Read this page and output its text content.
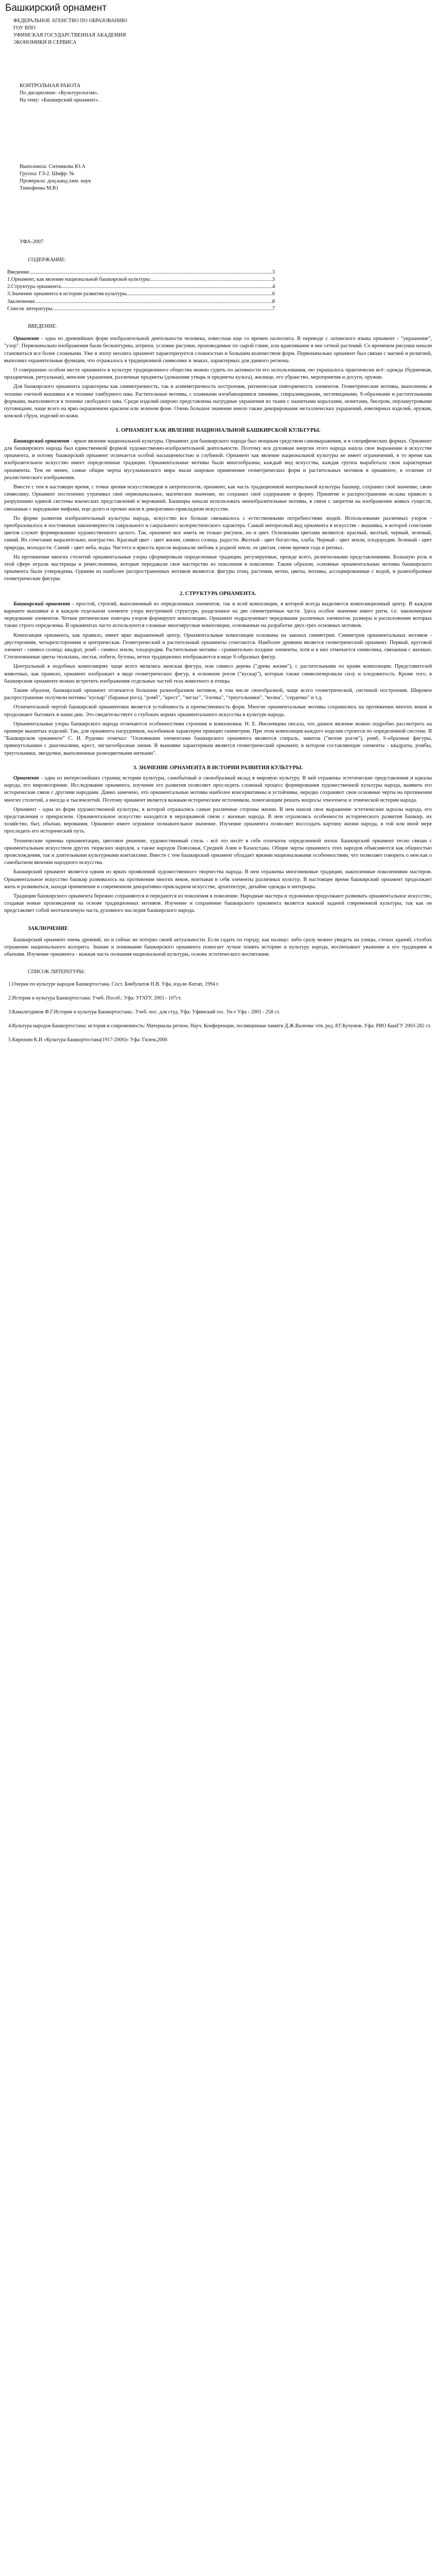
Башкирский орнамент
ФЕДЕРАЛЬНОЕ АГЕНСТВО ПО ОБРАЗОВАНИЮ
ГОУ ВПО
УФИМСКАЯ ГОСУДАРСТВЕННАЯ АКАДЕМИЯ
ЭКОНОМИКИ И СЕРВИСА
КОНТРОЛЬНАЯ РАБОТА
По дисциплине: «Культурология».
На тему: «Башкирский орнамент».
Выполнила: Ситникова Ю.А
Группа: ГЗ-2. Шифр: №
Проверила: доц.канд.хим. наук
Тимофеева М.Ю
УФА-2007
СОДЕРЖАНИЕ:
Введение .....	3
1.Орнамент, как явление национальной башкирской культуры .....	3
2.Структура орнамента .....	4
3.Значение орнамента в истории развития культуры .....	6
Заключение .....	8
Список литературы .....	7
ВВЕДЕНИЕ.

Орнамент - одна из древнейших форм изобразительной деятельности человека, известная еще со времен палеолита. В переводе с латинского языка орнамент - "украшение", "узор". Первоначально изображения были бесконтурны, штрихи, условие рисунки, производимые по сырой глине, или вдавливание в нее сеткой растений. Со временем рисунки начали становиться все более сложными. Уже в эпоху неолита орнамент характеризуется сложностью и большим количеством форм. Первоначально орнамент был связан с магией и религией, выполнял охранительные функции, что отражалось в традиционной символике и знаках, характерных для данного региона.

О совершенно особом месте орнамента в культуре традиционного общества можно судить по активности его использования, ею украшалось практически всё: одежда (будничная, праздничная, ритуальная), женские украшения, различные предметы (домашняя утварь и предметы культа), жилище, его убранство, мероприятия и досуги, оружие.

Для башкирского орнамента характерны как симметричность, так и асимметричность построения, ритмическая повторяемость элементов. Геометрические мотивы, выполнены в технике счетной вышивки и в технике тамбурного шва. Растительные мотивы, с плавными изгибающимися линиями, спиралевидными, петлевидными, S-образными и растительными формами, выполняются в технике свободного шва. Среди изделий широко представлены нагрудные украшения из ткани с нашитыми кораллами, монетами, бисером, перламутровыми пуговицами, чаще всего на ярко окрашенном красном или зеленом фоне. Очень большое значение имело также декорирование металлических украшений, ювелирных изделий, оружия, конской сбруи, изделий из кожи.

1. ОРНАМЕНТ КАК ЯВЛЕНИЕ НАЦИОНАЛЬНОЙ БАШКИРСКОЙ КУЛЬТУРЫ.

Башкирский орнамент - яркое явление национальной культуры. Орнамент для башкирского народа был мощным средством самовыражения, и в специфических формах. Орнамент для башкирского народа был единственной формой художественно-изобразительной деятельности. Поэтому вся духовная энергия этого народа нашла свое выражение в искусстве орнамента, и потому башкирский орнамент отличается особой насыщенностью и глубиной. Орнамент как явление национальной культуры не имеет ограничений, в то время как изобразительное искусство имеет определенные традиции. Орнаментальные мотивы были многообразны, каждый вид искусства, каждая группа выработала свои характерные орнаменты. Тем не менее, самые общие черты мусульманского мира знали широкое применение геометрических форм и растительных мотивов в орнаменте, в отличие от реалистического изображения.

Вместе с тем в настоящее время, с точки зрения искусствоведов и антропологов, орнамент, как часть традиционной материальной культуры башкир, сохранил своё значение, свою символику. Орнамент постепенно утрачивал своё первоначальное, магическое значение, но сохранил своё содержание и форму. Принятие и распространение ислама привело к разрушению единой системы языческих представлений и верований. Башкиры начали использовать неизобразительные мотивы, в связи с запретом на изображение живых существ, связанные с народными мифами, еще долго и прочно жили в декоративно-прикладном искусстве.

По форме развития изобразительный культуры народа, искусство все больше связывалось с естественными потребностями людей. Использование различных узоров - преобразовалось в постоянные закономерности сакрального и сакрального колористического характера. Самый интересный вид орнамента в искусстве - вышивка, в которой сочетание цветов служит формированию художественного целого. Так, орнамент мог иметь не только рисунок, но и цвет. Основными цветами являются: красный, желтый, черный, зеленый, синий. Их сочетание выразительно, контрастно. Красный цвет - цвет жизни, символ солнца, радости. Желтый - цвет богатства, хлеба. Черный - цвет земли, плодородия. Зеленый - цвет природы, молодости. Синий - цвет неба, воды. Чистота и яркость красок выражали любовь к родной земле, ее цветам, смене времен года и ритмах.

На протяжении многих столетий орнаментальные узоры сформировали определенные традиции, регулируемые, прежде всего, религиозными представлениями. Большую роль в этой сфере играли мастерицы и ремесленники, которые передавали свое мастерство из поколения в поколение. Таким образом, основные орнаментальные мотивы башкирского орнамента были утверждены. Одними из наиболее распространенных мотивов являются: фигуры птиц, растения, ветки, цветы, мотивы, ассоциированные с водой, и разнообразные геометрические фигуры.

2. СТРУКТУРА ОРНАМЕНТА.

Башкирский орнамент - простой, строгий, выполненный из определенных элементов, так и всей композиции, в которой всегда выделяется композиционный центр. В каждом варианте вышивки и в каждом отдельном элементе узора внутренней структуре, разделенное на две симметричные части. Здесь особое значение имеет ритм, т.е. закономерное чередование элементов. Четкие ритмические повторы узоров формируют композицию. Орнамент подразумевает чередование различных элементов, размеры и расположение которых также строго определены. В орнаментах часто используются сложные многоярусные композиции, основанные на разработке двух-трех основных мотивов.

Композиция орнамента, как правило, имеет ярко выраженный центр. Орнаментальные композиции основаны на законах симметрии. Симметрия орнаментальных мотивов - двусторонняя, четырехсторонняя и центрическая. Геометрический и растительный орнаменты сочетаются. Наиболее древним является геометрический орнамент. Первый, круговой элемент - символ солнца; квадрат, ромб - символ земли, плодородия. Растительные мотивы - сравнительно поздние элементы, хотя и в них отмечается символика, связанная с жизнью. Стилизованные цветы тюльпана, листья, побеги, бутоны, ветки традиционно изображаются в виде S-образных фигур.

Центральный в подобных композициях чаще всего являлись женская фигура, или символ дерева ("древа жизни"), с растительными по краям композиции. Представителей животных, как правило, орнамент изображает в виде геометрических фигур, в основном рогов ("кускар"), которые также символизировали силу и плодовитость. Кроме того, в башкирском орнаменте можно встретить изображения отдельных частей тела животного и птицы.

Таким образом, башкирский орнамент отличается большим разнообразием мотивов, в том числе своеобразной, чаще всего геометрической, системой построения. Широкое распространение получили мотивы "кускар" (бараньи рога), "ромб", "крест", "зигзаг", "ёлочка", "треугольники", "волна", "сердечко" и т.д.

Отличительной чертой башкирской орнаментики является устойчивость и преемственность форм. Многие орнаментальные мотивы сохранились на протяжении многих веков и продолжают бытовать в наши дни. Это свидетельствует о глубоких корнях орнаментального искусства в культуре народа.

Орнаментальные узоры башкирского народа отличаются особенностями строения и компоновки. Н. Е. Иноземцева писала, что данное явление можно подробно рассмотреть на примере вышитых изделий. Так, для орнамента нагрудников, налобников характерен принцип симметрии. При этом композиция каждого изделия строится по определенной системе. В "Башкирском орнаменте" С. И. Руденко отмечал: "Основными элементами башкирского орнамента являются спираль, завиток ("мотив рогов"), ромб, S-образные фигуры, прямоугольники с диагоналями, крест, зигзагообразная линия. В вышивке характерным является геометрический орнамент, в котором составляющие элементы - квадраты, ромбы, треугольники, звездочки, выполненные разноцветными нитками".

3. ЗНАЧЕНИЕ ОРНАМЕНТА В ИСТОРИИ РАЗВИТИЯ КУЛЬТУРЫ.

Орнамент - одна из интереснейших страниц истории культуры, самобытный и своеобразный вклад в мировую культуру. В ней отражены эстетические представления и идеалы народа, его мировоззрение. Исследование орнамента, изучение его развития позволяет проследить сложный процесс формирования художественной культуры народа, выявить его исторические связи с другими народами. Давно замечено, что орнаментальные мотивы наиболее консервативны и устойчивы, нередко сохраняют свои основные черты на протяжении многих столетий, а иногда и тысячелетий. Поэтому орнамент является важным историческим источником, помогающим решать вопросы этногенеза и этнической истории народа.

Орнамент - одна из форм художественной культуры, в которой отражались самые различные стороны жизни. В нем нашли свое выражение эстетические идеалы народа, его представления о прекрасном. Орнаментальное искусство находится в неразрывной связи с жизнью народа. В нем отразились особенности исторического развития башкир, их хозяйство, быт, обычаи, верования. Орнамент имеет огромное познавательное значение. Изучение орнамента позволяет воссоздать картину жизни народа, в той или иной мере проследить его исторический путь.

Технические приемы орнаментации, цветовое решение, художественный стиль - всё это несёт в себе отпечаток определенной эпохи. Башкирский орнамент тесно связан с орнаментальным искусством других тюркских народов, а также народов Поволжья, Средней Азии и Казахстана. Общие черты орнамента этих народов объясняются как общностью происхождения, так и длительными культурными контактами. Вместе с тем башкирский орнамент обладает яркими национальными особенностями, что позволяет говорить о нем как о самобытном явлении народного искусства.

Башкирский орнамент является одним из ярких проявлений художественного творчества народа. В нем отражены многовековые традиции, накопленные поколениями мастеров. Орнаментальное искусство башкир развивалось на протяжении многих веков, впитывая в себя элементы различных культур. В настоящее время башкирский орнамент продолжает жить и развиваться, находя применение в современном декоративно-прикладном искусстве, архитектуре, дизайне одежды и интерьера.

Традиции башкирского орнамента бережно сохраняются и передаются из поколения в поколение. Народные мастера и художники продолжают развивать орнаментальное искусство, создавая новые произведения на основе традиционных мотивов. Изучение и сохранение башкирского орнамента является важной задачей современной культуры, так как он представляет собой неотъемлемую часть духовного наследия башкирского народа.

ЗАКЛЮЧЕНИЕ

Башкирский орнамент очень древний, но и сейчас не потерял своей актуальности. Если гадать по городу, как налицо: либо сразу можно увидеть на улицы, стенах зданий, столбах отражение национального колорита. Знание и понимание башкирского орнамента помогает лучше понять историю и культуру народа, воспитывает уважение к его традициям и обычаям. Изучение орнамента - важная часть познания национальной культуры, основа эстетического воспитания.

СПИСОК ЛИТЕРАТУРЫ:
1.Очерки по культуре народов Башкортостана. Сост. Бикбулатов Н.В. Уфа, изд-во Китап, 1994 г.
2.История и культура Башкортостана: Учеб. Пособ.: Уфа: УГАТУ, 2003 - 107ст.
3.Камалетдинов Ф.Г.История и культура Башкортостана:. Учеб. пос. для студ. Уфа: Уфимский гос. Ун-т Уфа - 2003 - 258 ст.
4.Культура народов Башкортостана: история и современность: Материалы регион. Науч. Конференции, посвященные памяти Д.Ж.Валеева/ отв. ред. Р.Г.Кучумов. Уфа: РИО БашГУ 2003-282 ст.
5.Кирюхин К.И «Культура Башкортостана(1917-2000)» Уфа: Гилем,2006
